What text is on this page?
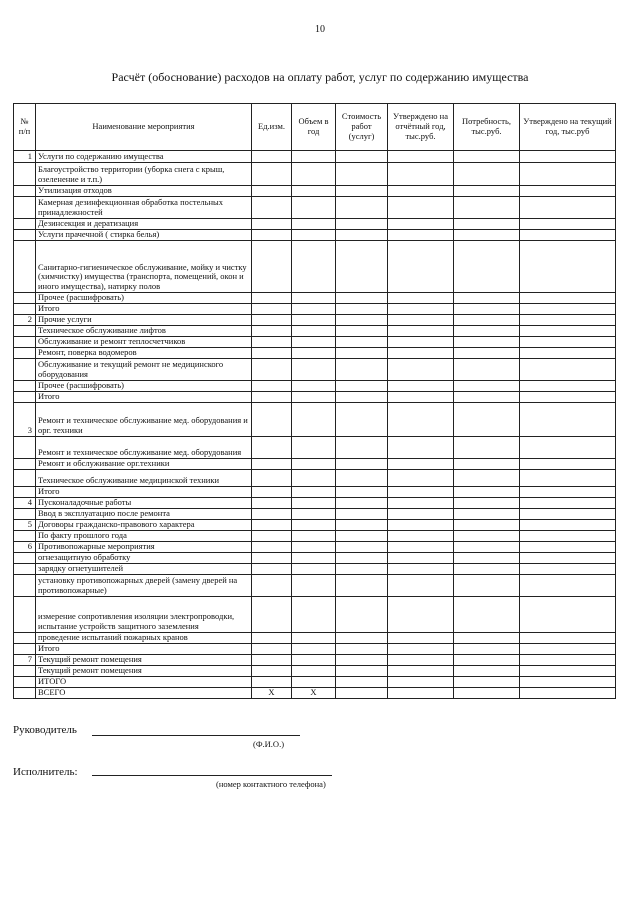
10
Расчёт (обоснование) расходов на оплату работ, услуг по содержанию имущества
№ п/п	Наименование мероприятия	Ед.изм.	Объем в год	Стоимость работ (услуг)	Утверждено на отчётный год, тыс.руб.	Потребность, тыс.руб.	Утверждено на текущий год, тыс.руб
1	Услуги по содержанию имущества						
	Благоустройство территории (уборка снега с крыш, озеленение и т.п.)						
	Утилизация отходов						
	Камерная дезинфекционная обработка постельных принадлежностей						
	Дезинсекция и дератизация						
	Услуги прачечной ( стирка белья)						
	Санитарно-гигиеническое обслуживание, мойку и чистку (химчистку) имущества (транспорта, помещений, окон и иного имущества), натирку полов						
	Прочее (расшифровать)						
	Итого						
2	Прочие услуги						
	Техническое обслуживание лифтов						
	Обслуживание и ремонт теплосчетчиков						
	Ремонт, поверка водомеров						
	Обслуживание и текущий ремонт не медицинского оборудования						
	Прочее (расшифровать)						
	Итого						
3	Ремонт и техническое обслуживание мед. оборудования и орг. техники						
	Ремонт и техническое обслуживание мед. оборудования						
	Ремонт и обслуживание орг.техники						
	Техническое обслуживание медицинской техники						
	Итого						
4	Пусконаладочные работы						
	Ввод в эксплуатацию после ремонта						
5	Договоры гражданско-правового характера						
	По факту прошлого года						
6	Противопожарные мероприятия						
	огнезащитную обработку						
	зарядку огнетушителей						
	установку противопожарных дверей (замену дверей на противопожарные)						
	измерение сопротивления изоляции электропроводки, испытание устройств защитного заземления						
	проведение испытаний пожарных кранов						
	Итого						
7	Текущий ремонт помещения						
	Текущий ремонт помещения						
	ИТОГО						
	ВСЕГО	Х	Х				
Руководитель
(Ф.И.О.)
Исполнитель:
(номер контактного телефона)
